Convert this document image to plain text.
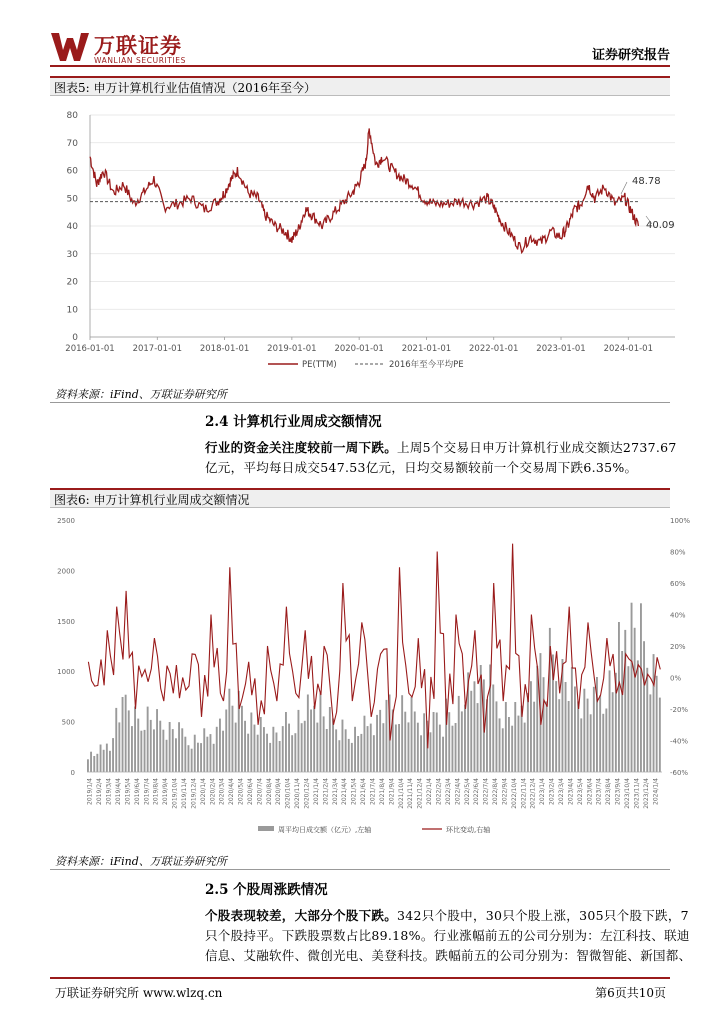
万联证券
WANLIAN SECURITIES	证券研究报告
图表5: 申万计算机行业估值情况（2016年至今）
80
70
60
50
40
30
20
10
0
2016-01-01 2017-01-01 2018-01-01 2019-01-01 2020-01-01 2021-01-01 2022-01-01 2023-01-01 2024-01-01
48.78
40.09
PE(TTM)	2016年至今平均PE
资料来源：iFind、万联证券研究所
2.4 计算机行业周成交额情况
行业的资金关注度较前一周下跌。上周5个交易日申万计算机行业成交额达2737.67
亿元，平均每日成交547.53亿元，日均交易额较前一个交易周下跌6.35%。
图表6: 申万计算机行业周成交额情况
2500
2000
1500
1000
500
0
100%
80%
60%
40%
20%
0%
-20%
-40%
-60%
2019/1/4 2019/2/4 2019/3/4 2019/4/4 2019/5/4 2019/6/4 2019/7/4 2019/8/4 2019/9/4 2019/10/4 2019/11/4 2019/12/4 2020/1/4 2020/2/4 2020/3/4 2020/4/4 2020/5/4 2020/6/4 2020/7/4 2020/8/4 2020/9/4 2020/10/4 2020/11/4 2020/12/4 2021/1/4 2021/2/4 2021/3/4 2021/4/4 2021/5/4 2021/6/4 2021/7/4 2021/8/4 2021/9/4 2021/10/4 2021/11/4 2021/12/4 2022/1/4 2022/2/4 2022/3/4 2022/4/4 2022/5/4 2022/6/4 2022/7/4 2022/8/4 2022/9/4 2022/10/4 2022/11/4 2022/12/4 2023/1/4 2023/2/4 2023/3/4 2023/4/4 2023/5/4 2023/6/4 2023/7/4 2023/8/4 2023/9/4 2023/10/4 2023/11/4 2023/12/4 2024/1/4
周平均日成交额（亿元）,左轴	环比变动,右轴
资料来源：iFind、万联证券研究所
2.5 个股周涨跌情况
个股表现较差，大部分个股下跌。342只个股中，30只个股上涨，305只个股下跌，7
只个股持平。下跌股票数占比89.18%。行业涨幅前五的公司分别为：左江科技、联迪
信息、艾融软件、微创光电、美登科技。跌幅前五的公司分别为：智微智能、新国都、
万联证券研究所 www.wlzq.cn	第6页共10页
